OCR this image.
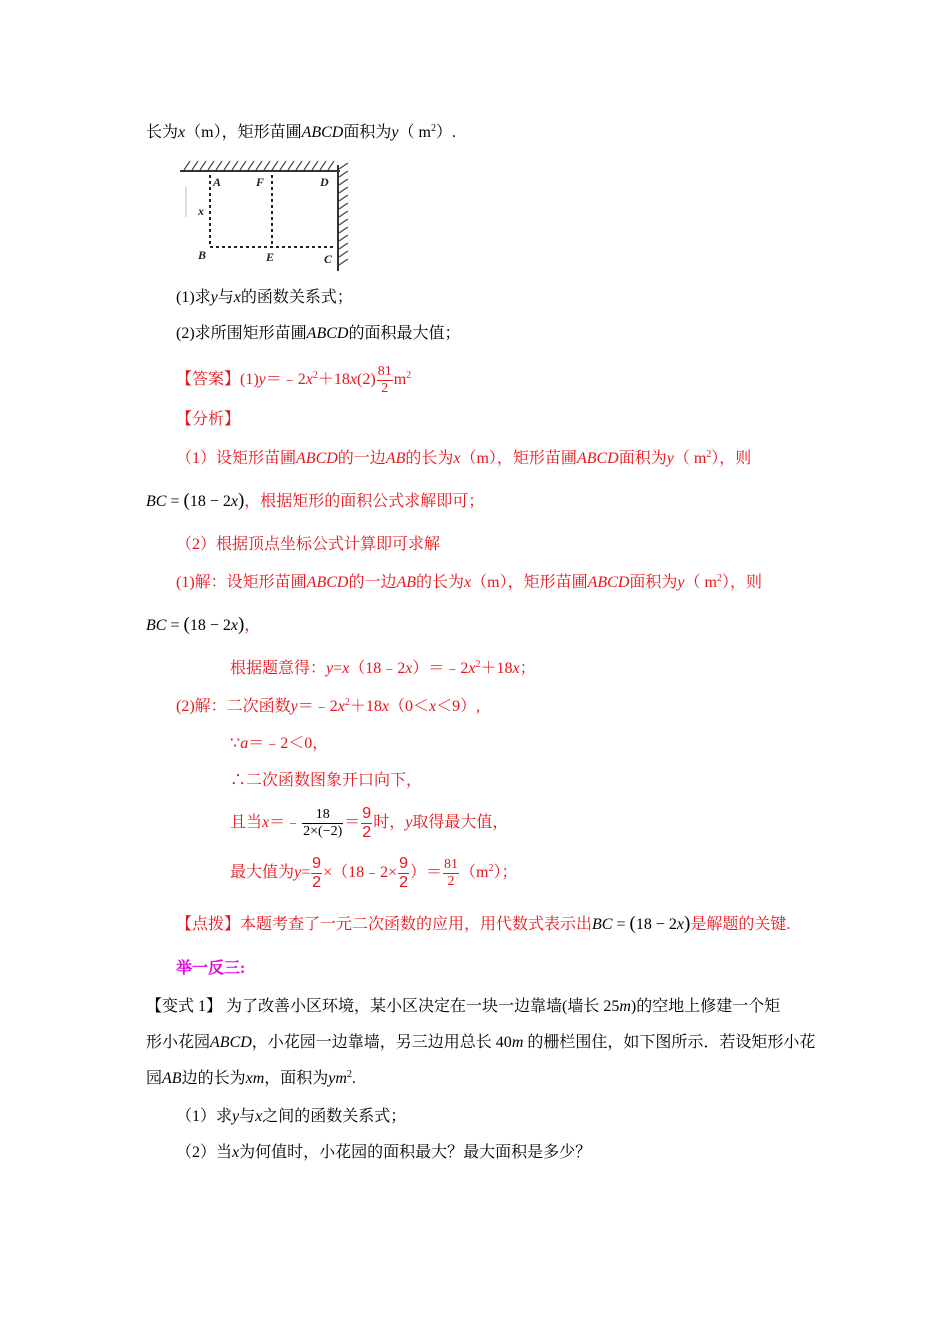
长为x（m），矩形苗圃ABCD面积为y（ $m^2$）.
A	F	D
x
B	E	C
(1)求y与x的函数关系式；
(2)求所围矩形苗圃ABCD的面积最大值；
【答案】$(1)y=﹣2x^2+18x(2) \frac{81}{2} m^2$
【分析】
（1）设矩形苗圃ABCD的一边AB的长为x（m），矩形苗圃ABCD面积为y（ $m^2$），则
BC = (18 − 2x)，根据矩形的面积公式求解即可；
（2）根据顶点坐标公式计算即可求解
(1)解：设矩形苗圃ABCD的一边AB的长为x（m），矩形苗圃ABCD面积为y（ $m^2$），则
BC = (18 − 2x)，
根据题意得：$y=x(18﹣2x)=﹣2x^2+18x$；
(2)解：二次函数$y=﹣2x^2+18x(0<x<9)$,
∵a＝﹣2＜0，
∴二次函数图象开口向下，
且当x＝﹣ $\frac{18}{2\times(-2)} = \frac{9}{2}$ 时，y取得最大值，
最大值为$y= \frac{9}{2}$ ×（18﹣2× $\frac{9}{2}$ ）＝ $\frac{81}{2} (m^2)$；
【点拨】本题考查了一元二次函数的应用，用代数式表示出BC = (18 − 2x)是解题的关键.
举一反三:
【变式 1】 为了改善小区环境，某小区决定在一块一边靠墙(墙长 25m)的空地上修建一个矩
形小花园ABCD，小花园一边靠墙，另三边用总长 40m 的栅栏围住，如下图所示．若设矩形小花
园AB边的长为xm，面积为$ym^2$.
（1）求y与x之间的函数关系式；
（2）当x为何值时，小花园的面积最大？最大面积是多少？
